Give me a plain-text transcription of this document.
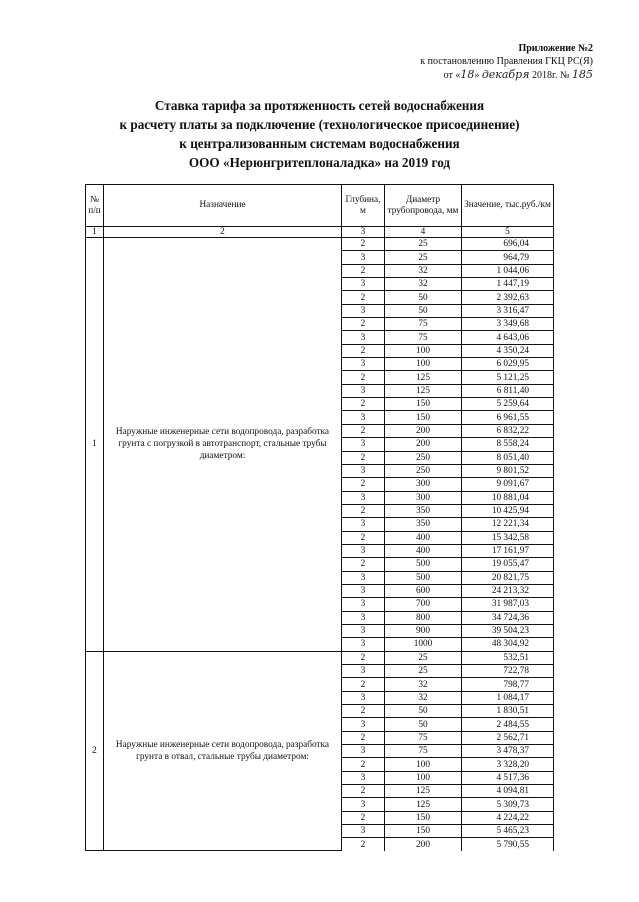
Приложение №2
к постановлению Правления ГКЦ РС(Я)
от «18» декабря 2018г. № 185
Ставка тарифа за протяженность сетей водоснабжения
к расчету платы за подключение (технологическое присоединение)
к централизованным системам водоснабжения
ООО «Нерюнгритеплоналадка» на 2019 год
№ п/п	Назначение	Глубина, м	Диаметр трубопровода, мм	Значение, тыс.руб./км
1	2	3	4	5
1	Наружные инженерные сети водопровода, разработка грунта с погрузкой в автотранспорт, стальные трубы диаметром:	2	25	696,04
		3	25	964,79
		2	32	1 044,06
		3	32	1 447,19
		2	50	2 392,63
		3	50	3 316,47
		2	75	3 349,68
		3	75	4 643,06
		2	100	4 350,24
		3	100	6 029,95
		2	125	5 121,25
		3	125	6 811,40
		2	150	5 259,64
		3	150	6 961,55
		2	200	6 832,22
		3	200	8 558,24
		2	250	8 051,40
		3	250	9 801,52
		2	300	9 091,67
		3	300	10 881,04
		2	350	10 425,94
		3	350	12 221,34
		2	400	15 342,58
		3	400	17 161,97
		2	500	19 055,47
		3	500	20 821,75
		3	600	24 213,32
		3	700	31 987,03
		3	800	34 724,36
		3	900	39 504,23
		3	1000	48 304,92
2	Наружные инженерные сети водопровода, разработка грунта в отвал, стальные трубы диаметром:	2	25	532,51
		3	25	722,78
		2	32	798,77
		3	32	1 084,17
		2	50	1 830,51
		3	50	2 484,55
		2	75	2 562,71
		3	75	3 478,37
		2	100	3 328,20
		3	100	4 517,36
		2	125	4 094,81
		3	125	5 309,73
		2	150	4 224,22
		3	150	5 465,23
		2	200	5 790,55
